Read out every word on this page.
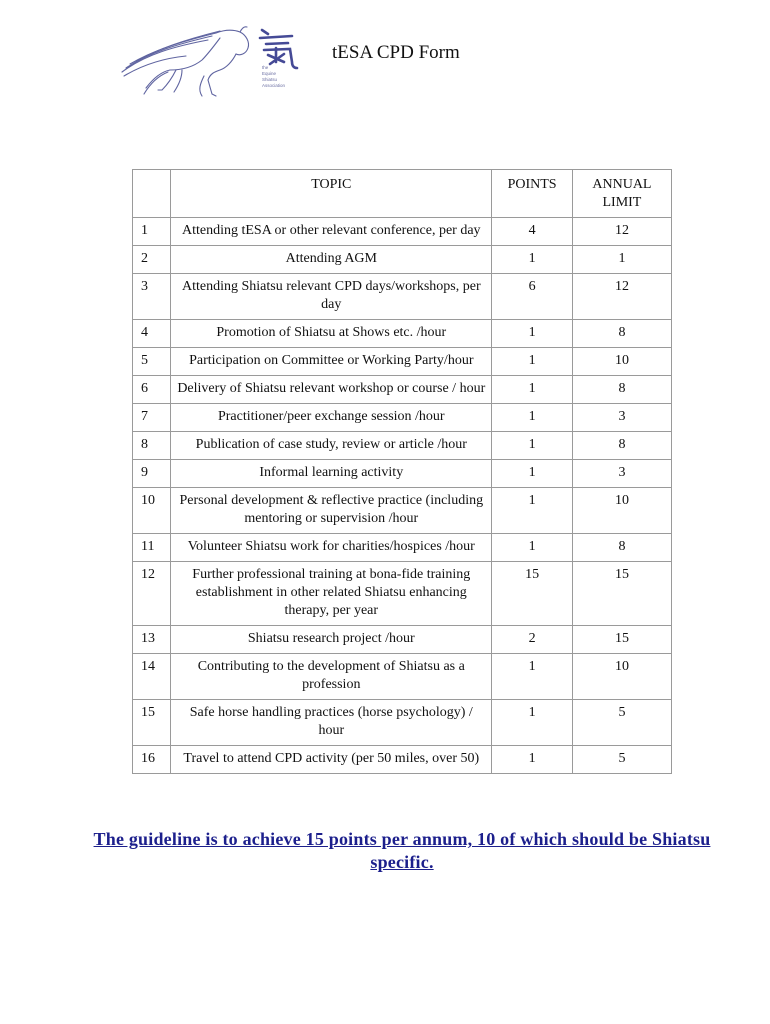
the
Equine
Shiatsu
Association
tESA CPD Form
	TOPIC	POINTS	ANNUAL LIMIT
1	Attending tESA or other relevant conference, per day	4	12
2	Attending AGM	1	1
3	Attending Shiatsu relevant CPD days/workshops, per day	6	12
4	Promotion of Shiatsu at Shows etc. /hour	1	8
5	Participation on Committee or Working Party/hour	1	10
6	Delivery of Shiatsu relevant workshop or course / hour	1	8
7	Practitioner/peer exchange session /hour	1	3
8	Publication of case study, review or article /hour	1	8
9	Informal learning activity	1	3
10	Personal development & reflective practice (including mentoring or supervision /hour	1	10
11	Volunteer Shiatsu work for charities/hospices /hour	1	8
12	Further professional training at bona-fide training establishment in other related Shiatsu enhancing therapy, per year	15	15
13	Shiatsu research project /hour	2	15
14	Contributing to the development of Shiatsu as a profession	1	10
15	Safe horse handling practices (horse psychology) / hour	1	5
16	Travel to attend CPD activity (per 50 miles, over 50)	1	5

The guideline is to achieve 15 points per annum, 10 of which should be Shiatsu specific.
